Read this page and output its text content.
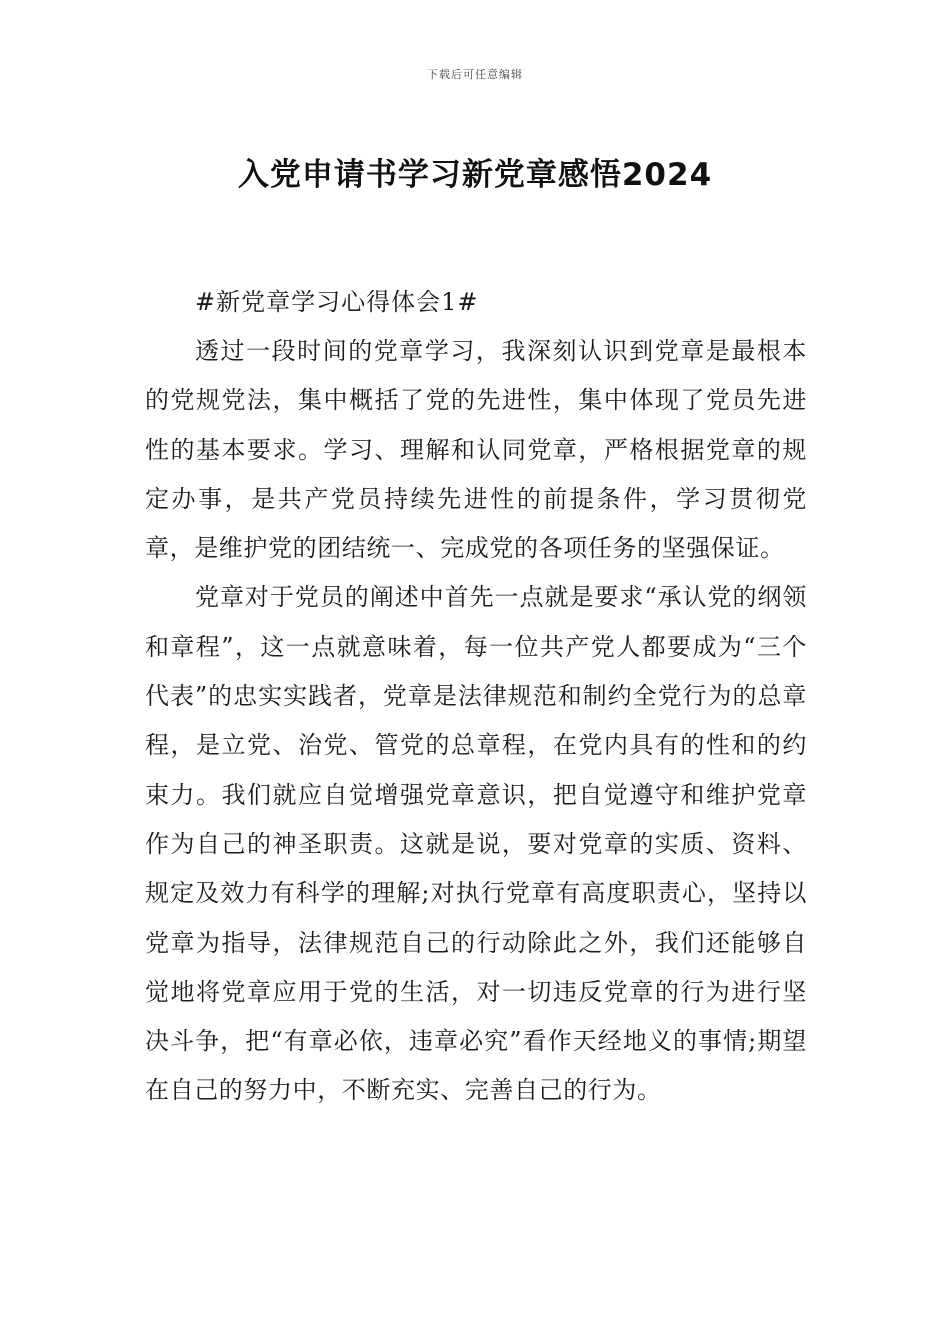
下载后可任意编辑
入党申请书学习新党章感悟2024

#新党章学习心得体会1#

透过一段时间的党章学习，我深刻认识到党章是最根本的党规党法，集中概括了党的先进性，集中体现了党员先进性的基本要求。学习、理解和认同党章，严格根据党章的规定办事，是共产党员持续先进性的前提条件，学习贯彻党章，是维护党的团结统一、完成党的各项任务的坚强保证。

党章对于党员的阐述中首先一点就是要求“承认党的纲领和章程”，这一点就意味着，每一位共产党人都要成为“三个代表”的忠实实践者，党章是法律规范和制约全党行为的总章程，是立党、治党、管党的总章程，在党内具有的性和的约束力。我们就应自觉增强党章意识，把自觉遵守和维护党章作为自己的神圣职责。这就是说，要对党章的实质、资料、规定及效力有科学的理解;对执行党章有高度职责心，坚持以党章为指导，法律规范自己的行动除此之外，我们还能够自觉地将党章应用于党的生活，对一切违反党章的行为进行坚决斗争，把“有章必依，违章必究”看作天经地义的事情;期望在自己的努力中，不断充实、完善自己的行为。
